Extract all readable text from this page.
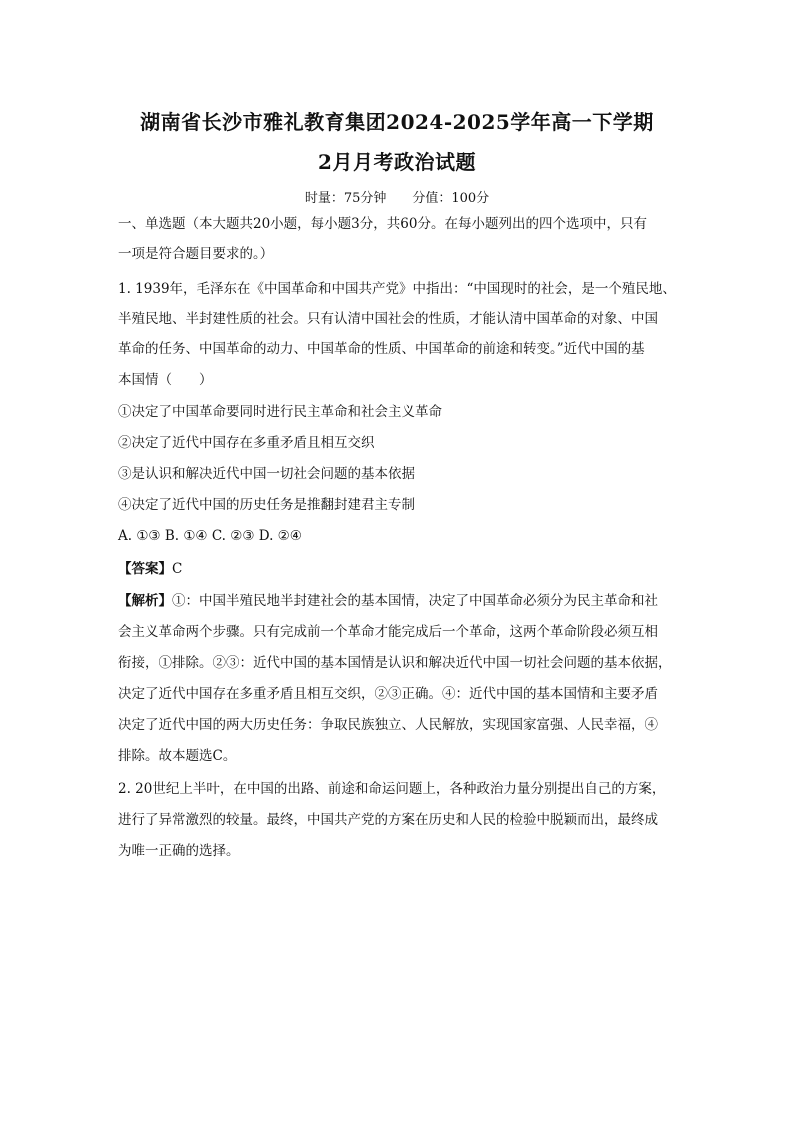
湖南省长沙市雅礼教育集团2024-2025学年高一下学期
2月月考政治试题
时量：75分钟 分值：100分
一、单选题（本大题共20小题，每小题3分，共60分。在每小题列出的四个选项中，只有
一项是符合题目要求的。）
1. 1939年，毛泽东在《中国革命和中国共产党》中指出：“中国现时的社会，是一个殖民地、
半殖民地、半封建性质的社会。只有认清中国社会的性质，才能认清中国革命的对象、中国
革命的任务、中国革命的动力、中国革命的性质、中国革命的前途和转变。”近代中国的基
本国情（　　）
①决定了中国革命要同时进行民主革命和社会主义革命
②决定了近代中国存在多重矛盾且相互交织
③是认识和解决近代中国一切社会问题的基本依据
④决定了近代中国的历史任务是推翻封建君主专制
A. ①③ B. ①④ C. ②③ D. ②④
【答案】C
【解析】①：中国半殖民地半封建社会的基本国情，决定了中国革命必须分为民主革命和社
会主义革命两个步骤。只有完成前一个革命才能完成后一个革命，这两个革命阶段必须互相
衔接，①排除。②③：近代中国的基本国情是认识和解决近代中国一切社会问题的基本依据，
决定了近代中国存在多重矛盾且相互交织，②③正确。④：近代中国的基本国情和主要矛盾
决定了近代中国的两大历史任务：争取民族独立、人民解放，实现国家富强、人民幸福，④
排除。故本题选C。
2. 20世纪上半叶，在中国的出路、前途和命运问题上，各种政治力量分别提出自己的方案，
进行了异常激烈的较量。最终，中国共产党的方案在历史和人民的检验中脱颖而出，最终成
为唯一正确的选择。
